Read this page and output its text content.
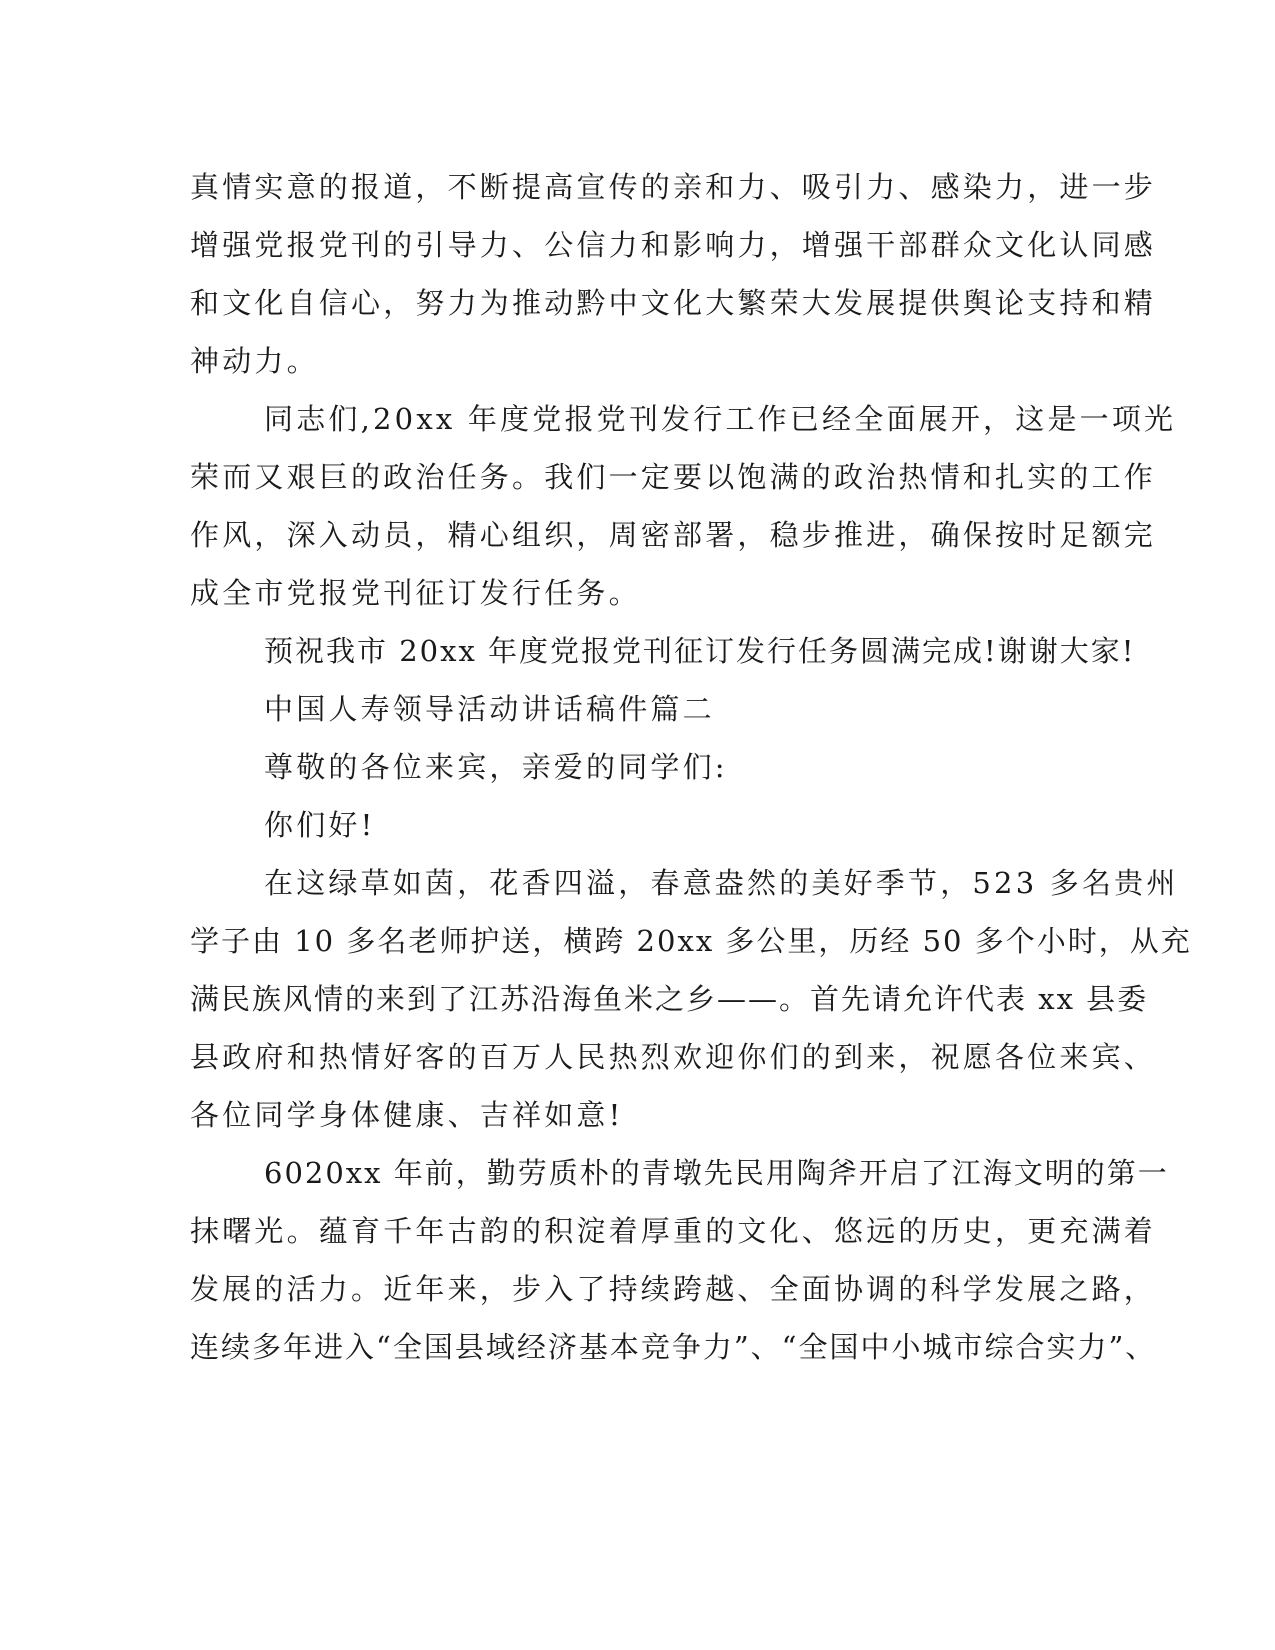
真情实意的报道，不断提高宣传的亲和力、吸引力、感染力，进一步
增强党报党刊的引导力、公信力和影响力，增强干部群众文化认同感
和文化自信心，努力为推动黔中文化大繁荣大发展提供舆论支持和精
神动力。
同志们,20xx 年度党报党刊发行工作已经全面展开，这是一项光
荣而又艰巨的政治任务。我们一定要以饱满的政治热情和扎实的工作
作风，深入动员，精心组织，周密部署，稳步推进，确保按时足额完
成全市党报党刊征订发行任务。
预祝我市 20xx 年度党报党刊征订发行任务圆满完成!谢谢大家!
中国人寿领导活动讲话稿件篇二
尊敬的各位来宾，亲爱的同学们:
你们好!
在这绿草如茵，花香四溢，春意盎然的美好季节，523 多名贵州
学子由 10 多名老师护送，横跨 20xx 多公里，历经 50 多个小时，从充
满民族风情的来到了江苏沿海鱼米之乡——。首先请允许代表 xx 县委
县政府和热情好客的百万人民热烈欢迎你们的到来，祝愿各位来宾、
各位同学身体健康、吉祥如意!
6020xx 年前，勤劳质朴的青墩先民用陶斧开启了江海文明的第一
抹曙光。蕴育千年古韵的积淀着厚重的文化、悠远的历史，更充满着
发展的活力。近年来，步入了持续跨越、全面协调的科学发展之路，
连续多年进入“全国县域经济基本竞争力”、“全国中小城市综合实力”、
